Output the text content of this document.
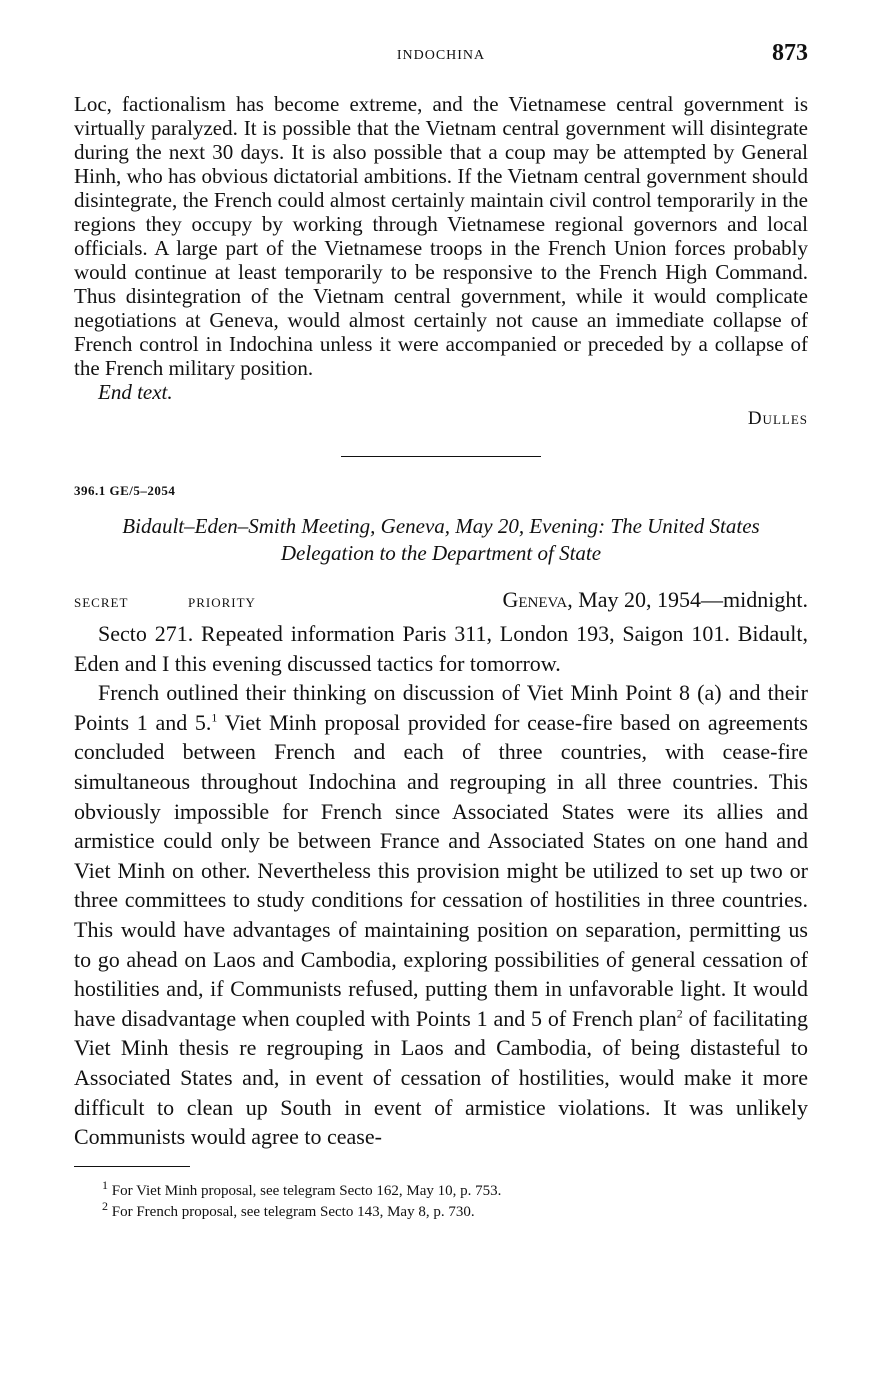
INDOCHINA	873

Loc, factionalism has become extreme, and the Vietnamese central government is virtually paralyzed. It is possible that the Vietnam central government will disintegrate during the next 30 days. It is also possible that a coup may be attempted by General Hinh, who has obvious dictatorial ambitions. If the Vietnam central government should disintegrate, the French could almost certainly maintain civil control temporarily in the regions they occupy by working through Vietnamese regional governors and local officials. A large part of the Vietnamese troops in the French Union forces probably would continue at least temporarily to be responsive to the French High Command. Thus disintegration of the Vietnam central government, while it would complicate negotiations at Geneva, would almost certainly not cause an immediate collapse of French control in Indochina unless it were accompanied or preceded by a collapse of the French military position.

End text.
Dulles
396.1 GE/5–2054
Bidault–Eden–Smith Meeting, Geneva, May 20, Evening: The United States Delegation to the Department of State
SECRET	PRIORITY	Geneva, May 20, 1954—midnight.

Secto 271. Repeated information Paris 311, London 193, Saigon 101. Bidault, Eden and I this evening discussed tactics for tomorrow.

French outlined their thinking on discussion of Viet Minh Point 8 (a) and their Points 1 and 5.$^1$ Viet Minh proposal provided for cease-fire based on agreements concluded between French and each of three countries, with cease-fire simultaneous throughout Indochina and regrouping in all three countries. This obviously impossible for French since Associated States were its allies and armistice could only be between France and Associated States on one hand and Viet Minh on other. Nevertheless this provision might be utilized to set up two or three committees to study conditions for cessation of hostilities in three countries. This would have advantages of maintaining position on separation, permitting us to go ahead on Laos and Cambodia, exploring possibilities of general cessation of hostilities and, if Communists refused, putting them in unfavorable light. It would have disadvantage when coupled with Points 1 and 5 of French plan$^2$ of facilitating Viet Minh thesis re regrouping in Laos and Cambodia, of being distasteful to Associated States and, in event of cessation of hostilities, would make it more difficult to clean up South in event of armistice violations. It was unlikely Communists would agree to cease-

$^1$ For Viet Minh proposal, see telegram Secto 162, May 10, p. 753.
$^2$ For French proposal, see telegram Secto 143, May 8, p. 730.
